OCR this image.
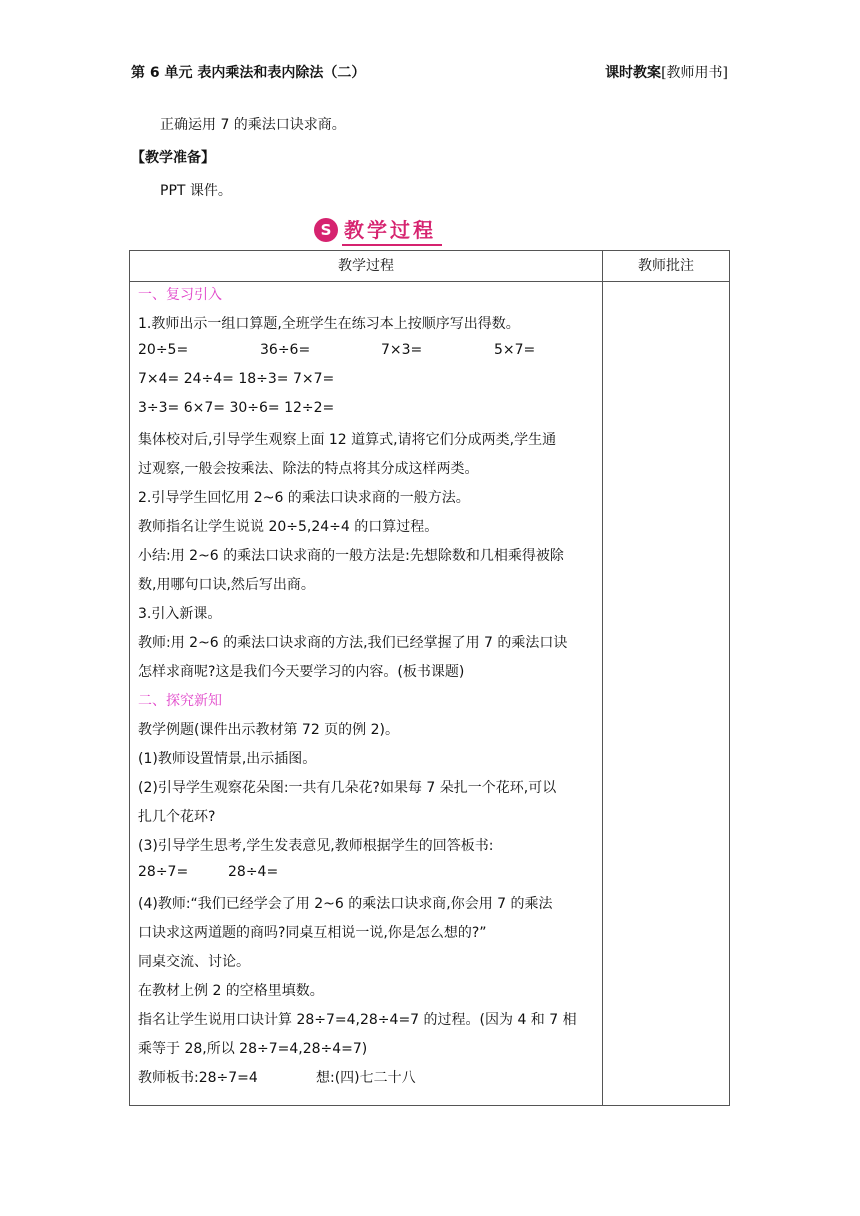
第 6 单元 表内乘法和表内除法（二）	课时教案[教师用书]
正确运用 7 的乘法口诀求商。
【教学准备】
PPT 课件。
S 教学过程
教学过程	教师批注
一、复习引入
1.教师出示一组口算题,全班学生在练习本上按顺序写出得数。
20÷5=	36÷6=	7×3=	5×7=
7×4= 24÷4= 18÷3= 7×7=
3÷3= 6×7= 30÷6= 12÷2=
集体校对后,引导学生观察上面 12 道算式,请将它们分成两类,学生通
过观察,一般会按乘法、除法的特点将其分成这样两类。
2.引导学生回忆用 2~6 的乘法口诀求商的一般方法。
教师指名让学生说说 20÷5,24÷4 的口算过程。
小结:用 2~6 的乘法口诀求商的一般方法是:先想除数和几相乘得被除
数,用哪句口诀,然后写出商。
3.引入新课。
教师:用 2~6 的乘法口诀求商的方法,我们已经掌握了用 7 的乘法口诀
怎样求商呢?这是我们今天要学习的内容。(板书课题)
二、探究新知
教学例题(课件出示教材第 72 页的例 2)。
(1)教师设置情景,出示插图。
(2)引导学生观察花朵图:一共有几朵花?如果每 7 朵扎一个花环,可以
扎几个花环?
(3)引导学生思考,学生发表意见,教师根据学生的回答板书:
28÷7=	28÷4=
(4)教师:“我们已经学会了用 2~6 的乘法口诀求商,你会用 7 的乘法
口诀求这两道题的商吗?同桌互相说一说,你是怎么想的?”
同桌交流、讨论。
在教材上例 2 的空格里填数。
指名让学生说用口诀计算 28÷7=4,28÷4=7 的过程。(因为 4 和 7 相
乘等于 28,所以 28÷7=4,28÷4=7)
教师板书:28÷7=4	想:(四)七二十八
